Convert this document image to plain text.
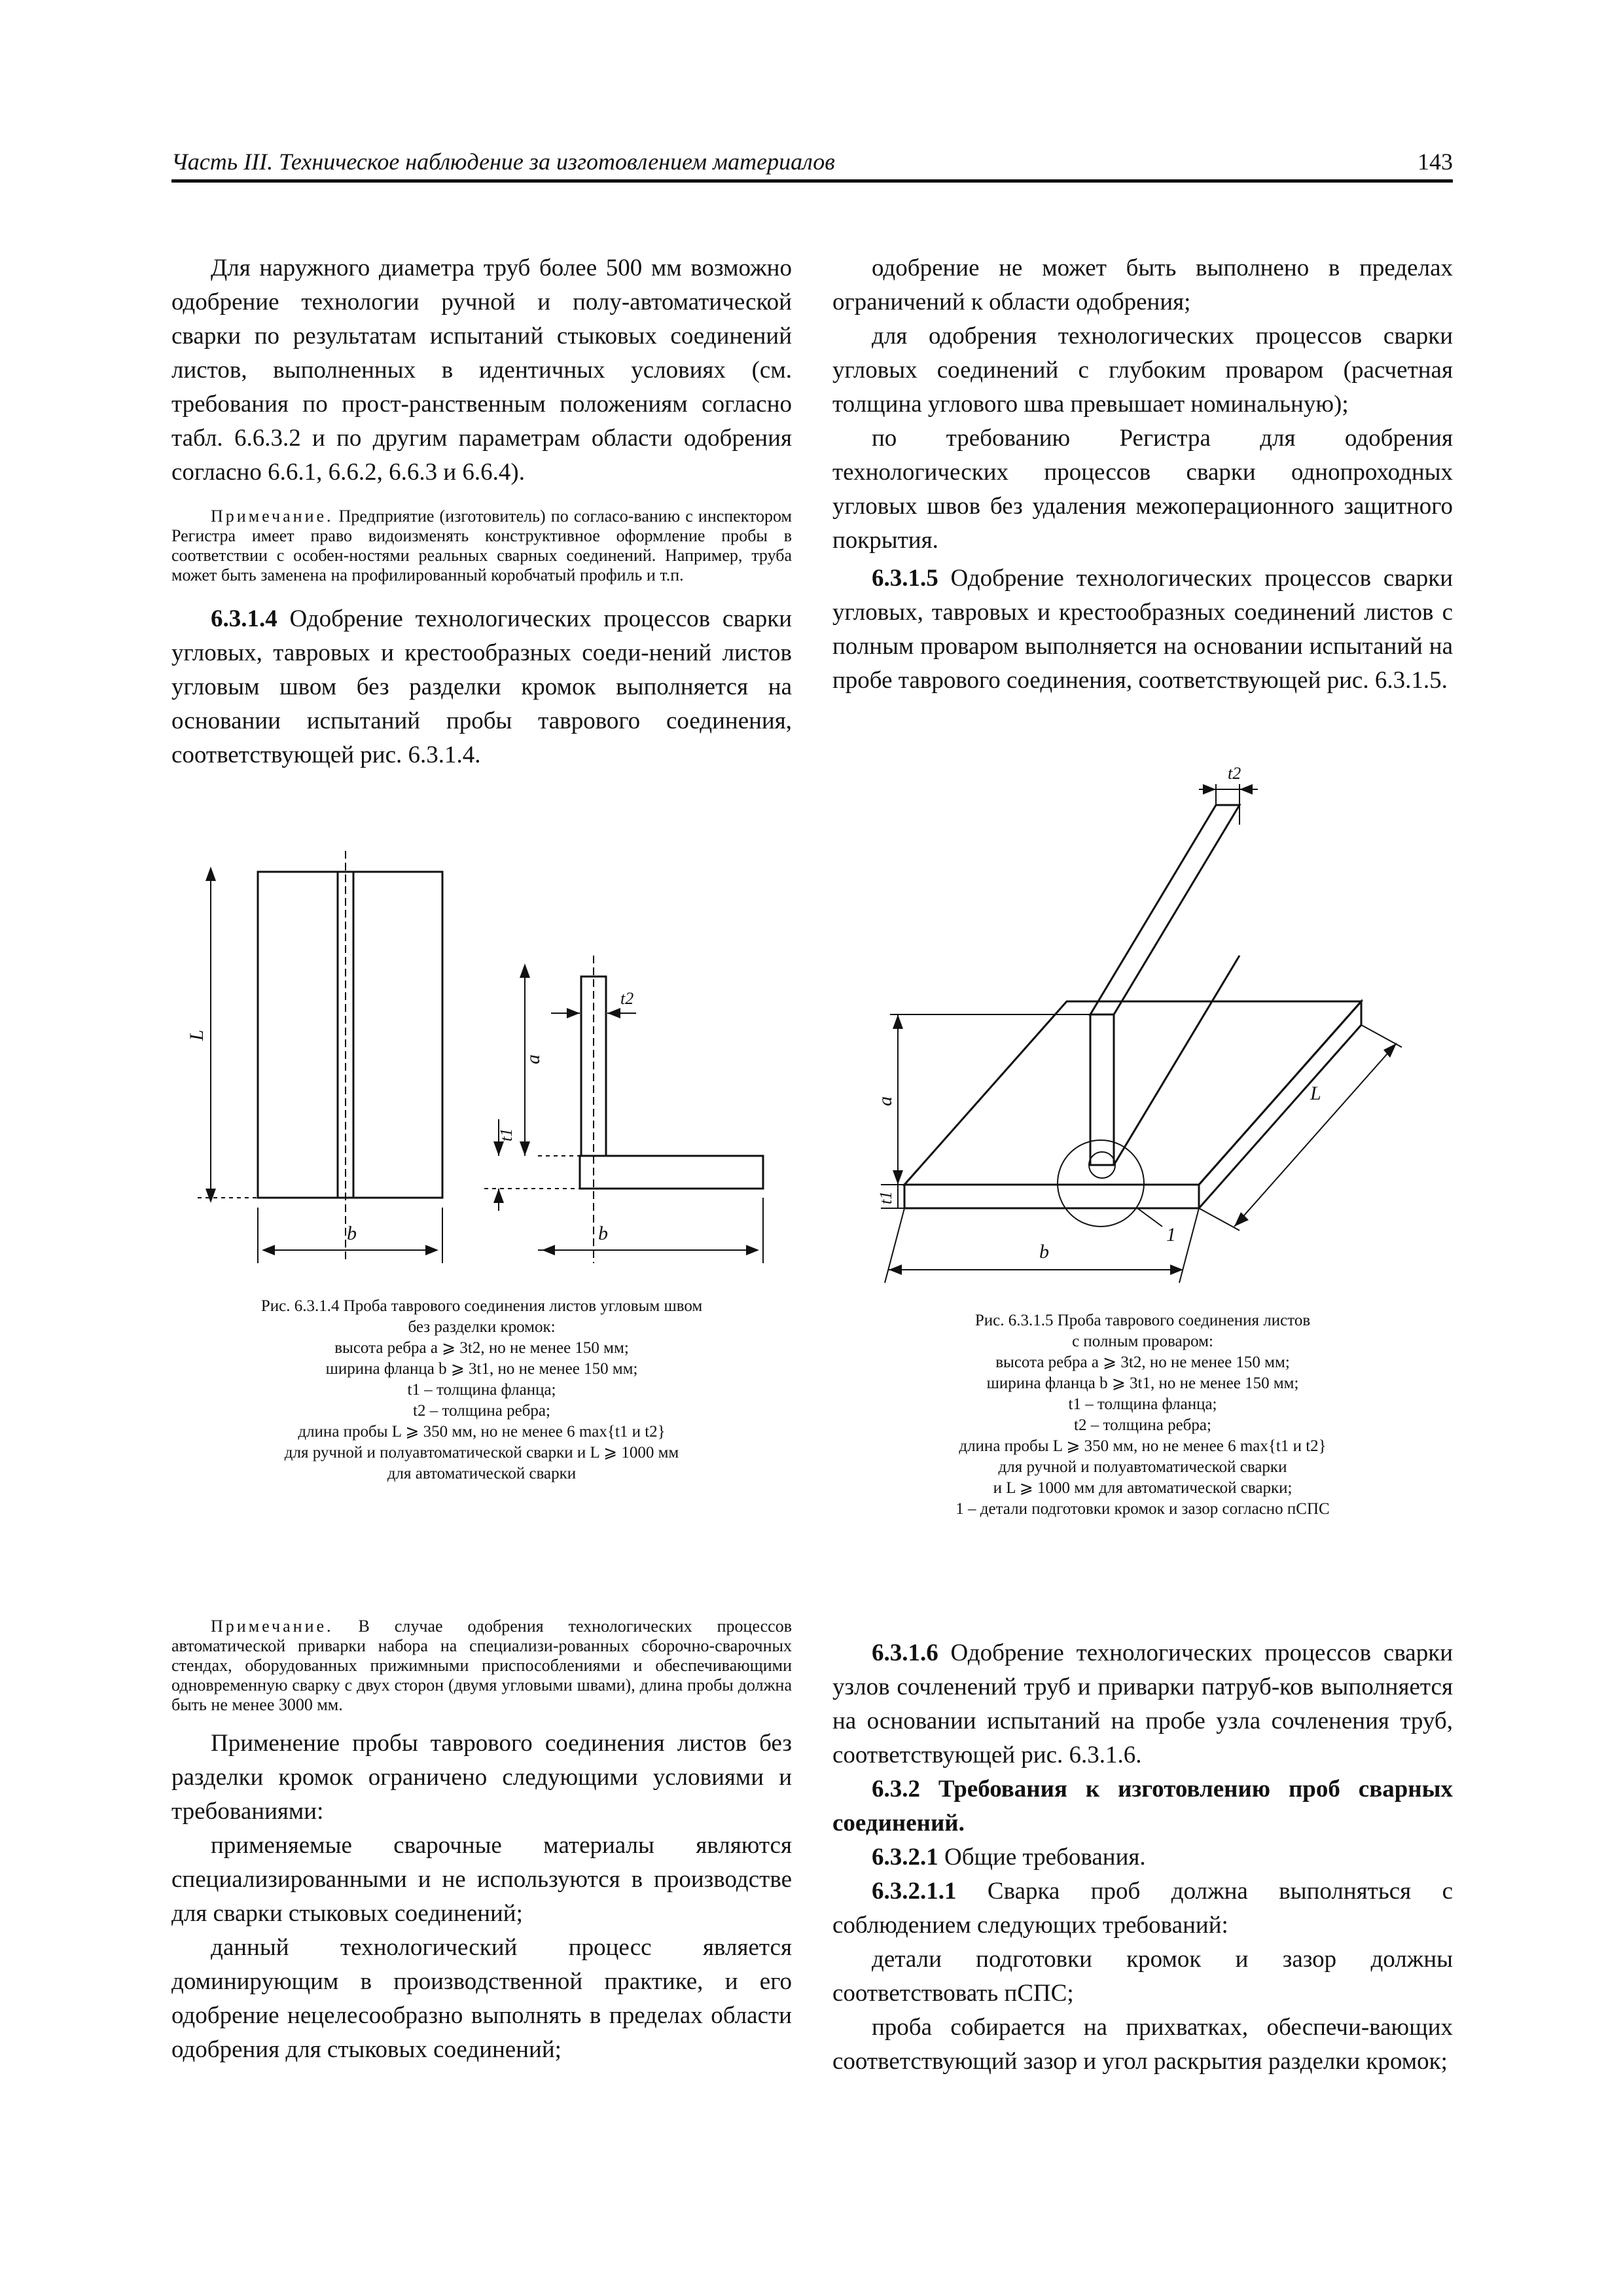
Часть III. Техническое наблюдение за изготовлением материалов	143

Для наружного диаметра труб более 500 мм возможно одобрение технологии ручной и полу-автоматической сварки по результатам испытаний стыковых соединений листов, выполненных в идентичных условиях (см. требования по прост-ранственным положениям согласно табл. 6.6.3.2 и по другим параметрам области одобрения согласно 6.6.1, 6.6.2, 6.6.3 и 6.6.4).

Примечание. Предприятие (изготовитель) по согласо-ванию с инспектором Регистра имеет право видоизменять конструктивное оформление пробы в соответствии с особен-ностями реальных сварных соединений. Например, труба может быть заменена на профилированный коробчатый профиль и т.п.

6.3.1.4 Одобрение технологических процессов сварки угловых, тавровых и крестообразных соеди-нений листов угловым швом без разделки кромок выполняется на основании испытаний пробы таврового соединения, соответствующей рис. 6.3.1.4.

одобрение не может быть выполнено в пределах ограничений к области одобрения;

для одобрения технологических процессов сварки угловых соединений с глубоким проваром (расчетная толщина углового шва превышает номинальную);

по требованию Регистра для одобрения технологических процессов сварки однопроходных угловых швов без удаления межоперационного защитного покрытия.

6.3.1.5 Одобрение технологических процессов сварки угловых, тавровых и крестообразных соединений листов с полным проваром выполняется на основании испытаний на пробе таврового соединения, соответствующей рис. 6.3.1.5.

L
b	b
a
t1
t2
Рис. 6.3.1.4 Проба таврового соединения листов угловым швом
без разделки кромок:
высота ребра a ⩾ 3t2, но не менее 150 мм;
ширина фланца b ⩾ 3t1, но не менее 150 мм;
t1 – толщина фланца;
t2 – толщина ребра;
длина пробы L ⩾ 350 мм, но не менее 6 max{t1 и t2}
для ручной и полуавтоматической сварки и L ⩾ 1000 мм
для автоматической сварки
t2
a
t1
b
L
1
Рис. 6.3.1.5 Проба таврового соединения листов
с полным проваром:
высота ребра a ⩾ 3t2, но не менее 150 мм;
ширина фланца b ⩾ 3t1, но не менее 150 мм;
t1 – толщина фланца;
t2 – толщина ребра;
длина пробы L ⩾ 350 мм, но не менее 6 max{t1 и t2}
для ручной и полуавтоматической сварки
и L ⩾ 1000 мм для автоматической сварки;
1 – детали подготовки кромок и зазор согласно пСПС

Примечание. В случае одобрения технологических процессов автоматической приварки набора на специализи-рованных сборочно-сварочных стендах, оборудованных прижимными приспособлениями и обеспечивающими одновременную сварку с двух сторон (двумя угловыми швами), длина пробы должна быть не менее 3000 мм.

Применение пробы таврового соединения листов без разделки кромок ограничено следующими условиями и требованиями:

применяемые сварочные материалы являются специализированными и не используются в производстве для сварки стыковых соединений;

данный технологический процесс является доминирующим в производственной практике, и его одобрение нецелесообразно выполнять в пределах области одобрения для стыковых соединений;

6.3.1.6 Одобрение технологических процессов сварки узлов сочленений труб и приварки патруб-ков выполняется на основании испытаний на пробе узла сочленения труб, соответствующей рис. 6.3.1.6.

6.3.2 Требования к изготовлению проб сварных соединений.

6.3.2.1 Общие требования.

6.3.2.1.1 Сварка проб должна выполняться с соблюдением следующих требований:

детали подготовки кромок и зазор должны соответствовать пСПС;

проба собирается на прихватках, обеспечи-вающих соответствующий зазор и угол раскрытия разделки кромок;
